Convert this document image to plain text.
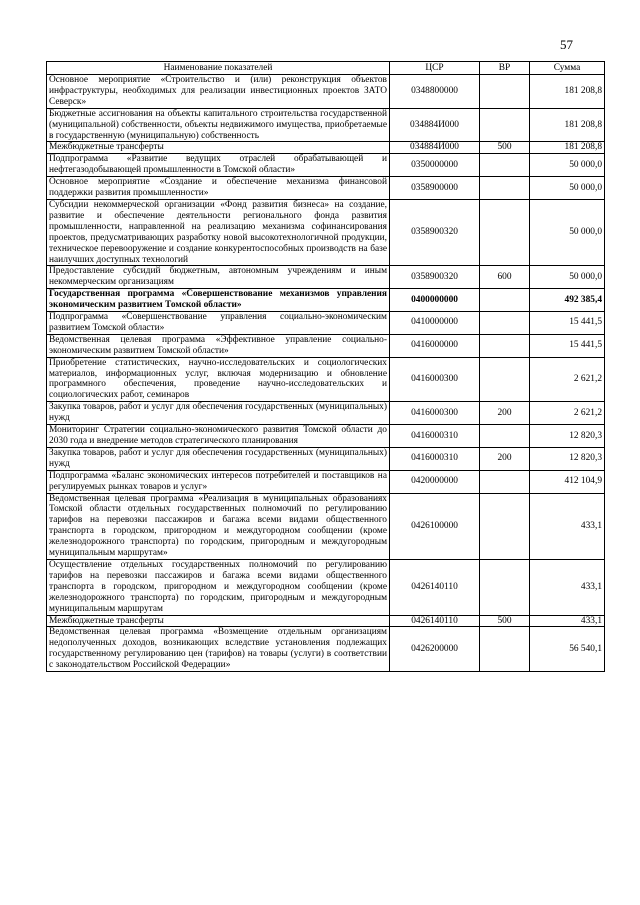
57
Наименование показателей	ЦСР	ВР	Сумма
Основное мероприятие «Строительство и (или) реконструкция объектов инфраструктуры, необходимых для реализации инвестиционных проектов ЗАТО Северск»	0348800000		181 208,8
Бюджетные ассигнования на объекты капитального строительства государственной (муниципальной) собственности, объекты недвижимого имущества, приобретаемые в государственную (муниципальную) собственность	034884И000		181 208,8
Межбюджетные трансферты	034884И000	500	181 208,8
Подпрограмма «Развитие ведущих отраслей обрабатывающей и нефтегазодобывающей промышленности в Томской области»	0350000000		50 000,0
Основное мероприятие «Создание и обеспечение механизма финансовой поддержки развития промышленности»	0358900000		50 000,0
Субсидии некоммерческой организации «Фонд развития бизнеса» на создание, развитие и обеспечение деятельности регионального фонда развития промышленности, направленной на реализацию механизма софинансирования проектов, предусматривающих разработку новой высокотехнологичной продукции, техническое перевооружение и создание конкурентоспособных производств на базе наилучших доступных технологий	0358900320		50 000,0
Предоставление субсидий бюджетным, автономным учреждениям и иным некоммерческим организациям	0358900320	600	50 000,0
Государственная программа «Совершенствование механизмов управления экономическим развитием Томской области»	0400000000		492 385,4
Подпрограмма «Совершенствование управления социально-экономическим развитием Томской области»	0410000000		15 441,5
Ведомственная целевая программа «Эффективное управление социально-экономическим развитием Томской области»	0416000000		15 441,5
Приобретение статистических, научно-исследовательских и социологических материалов, информационных услуг, включая модернизацию и обновление программного обеспечения, проведение научно-исследовательских и социологических работ, семинаров	0416000300		2 621,2
Закупка товаров, работ и услуг для обеспечения государственных (муниципальных) нужд	0416000300	200	2 621,2
Мониторинг Стратегии социально-экономического развития Томской области до 2030 года и внедрение методов стратегического планирования	0416000310		12 820,3
Закупка товаров, работ и услуг для обеспечения государственных (муниципальных) нужд	0416000310	200	12 820,3
Подпрограмма «Баланс экономических интересов потребителей и поставщиков на регулируемых рынках товаров и услуг»	0420000000		412 104,9
Ведомственная целевая программа «Реализация в муниципальных образованиях Томской области отдельных государственных полномочий по регулированию тарифов на перевозки пассажиров и багажа всеми видами общественного транспорта в городском, пригородном и междугородном сообщении (кроме железнодорожного транспорта) по городским, пригородным и междугородным муниципальным маршрутам»	0426100000		433,1
Осуществление отдельных государственных полномочий по регулированию тарифов на перевозки пассажиров и багажа всеми видами общественного транспорта в городском, пригородном и междугородном сообщении (кроме железнодорожного транспорта) по городским, пригородным и междугородным муниципальным маршрутам	0426140110		433,1
Межбюджетные трансферты	0426140110	500	433,1
Ведомственная целевая программа «Возмещение отдельным организациям недополученных доходов, возникающих вследствие установления подлежащих государственному регулированию цен (тарифов) на товары (услуги) в соответствии с законодательством Российской Федерации»	0426200000		56 540,1
